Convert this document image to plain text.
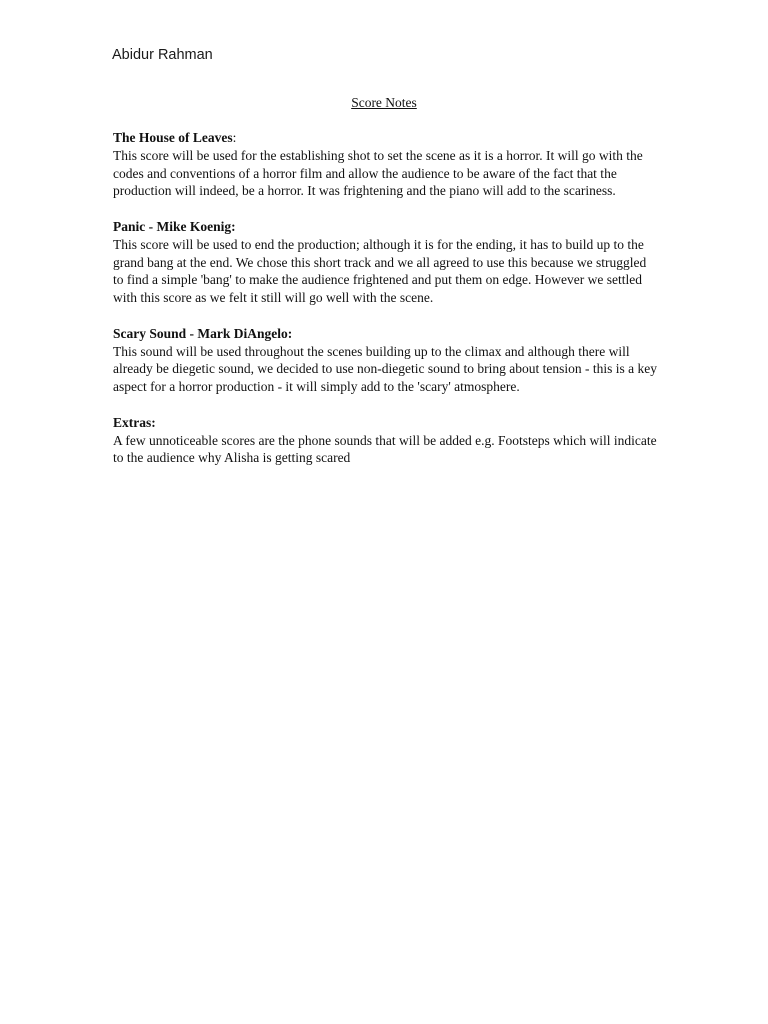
Abidur Rahman
Score Notes

The House of Leaves:

This score will be used for the establishing shot to set the scene as it is a horror. It will go with the codes and conventions of a horror film and allow the audience to be aware of the fact that the production will indeed, be a horror. It was frightening and the piano will add to the scariness.

Panic - Mike Koenig:

This score will be used to end the production; although it is for the ending, it has to build up to the grand bang at the end. We chose this short track and we all agreed to use this because we struggled to find a simple 'bang' to make the audience frightened and put them on edge. However we settled with this score as we felt it still will go well with the scene.

Scary Sound - Mark DiAngelo:

This sound will be used throughout the scenes building up to the climax and although there will already be diegetic sound, we decided to use non-diegetic sound to bring about tension - this is a key aspect for a horror production - it will simply add to the 'scary' atmosphere.

Extras:

A few unnoticeable scores are the phone sounds that will be added e.g. Footsteps which will indicate to the audience why Alisha is getting scared
